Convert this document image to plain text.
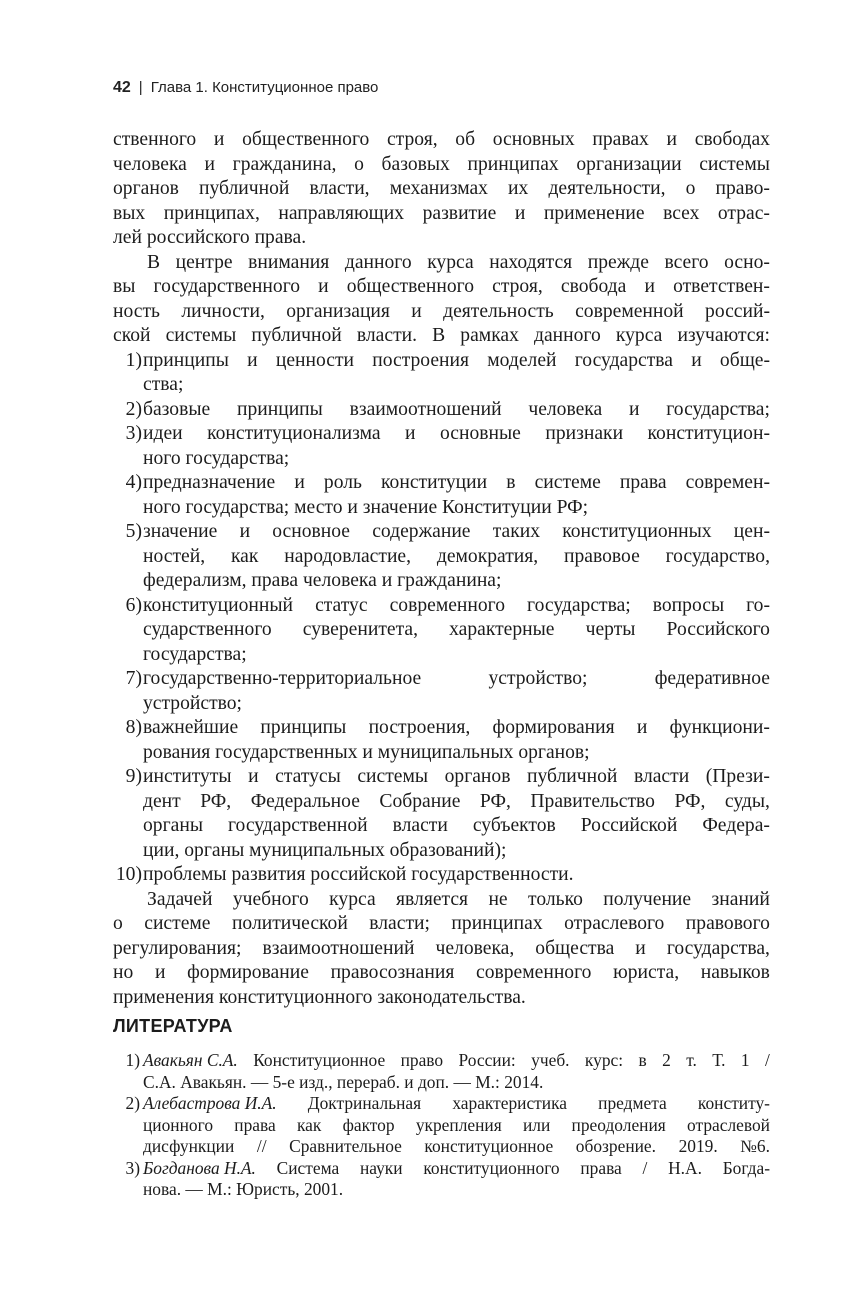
42 | Глава 1. Конституционное право
ственного и общественного строя, об основных правах и свободах
человека и гражданина, о базовых принципах организации системы
органов публичной власти, механизмах их деятельности, о право-
вых принципах, направляющих развитие и применение всех отрас-
лей российского права.
В центре внимания данного курса находятся прежде всего осно-
вы государственного и общественного строя, свобода и ответствен-
ность личности, организация и деятельность современной россий-
ской системы публичной власти. В рамках данного курса изучаются:
1) принципы и ценности построения моделей государства и обще-
ства;
2) базовые принципы взаимоотношений человека и государства;
3) идеи конституционализма и основные признаки конституцион-
ного государства;
4) предназначение и роль конституции в системе права современ-
ного государства; место и значение Конституции РФ;
5) значение и основное содержание таких конституционных цен-
ностей, как народовластие, демократия, правовое государство,
федерализм, права человека и гражданина;
6) конституционный статус современного государства; вопросы го-
сударственного суверенитета, характерные черты Российского
государства;
7) государственно-территориальное	устройство;	федеративное
устройство;
8) важнейшие принципы построения, формирования и функциони-
рования государственных и муниципальных органов;
9) институты и статусы системы органов публичной власти (Прези-
дент РФ, Федеральное Собрание РФ, Правительство РФ, суды,
органы государственной власти субъектов Российской Федера-
ции, органы муниципальных образований);
10) проблемы развития российской государственности.
Задачей учебного курса является не только получение знаний
о системе политической власти; принципах отраслевого правового
регулирования; взаимоотношений человека, общества и государства,
но и формирование правосознания современного юриста, навыков
применения конституционного законодательства.
ЛИТЕРАТУРА
1) Авакьян С.А. Конституционное право России: учеб. курс: в 2 т. Т. 1 /
С.А. Авакьян. — 5-е изд., перераб. и доп. — М.: 2014.
2) Алебастрова И.А. Доктринальная характеристика предмета конститу-
ционного права как фактор укрепления или преодоления отраслевой
дисфункции // Сравнительное конституционное обозрение. 2019. №6.
3) Богданова Н.А. Система науки конституционного права / Н.А. Богда-
нова. — М.: Юристь, 2001.
